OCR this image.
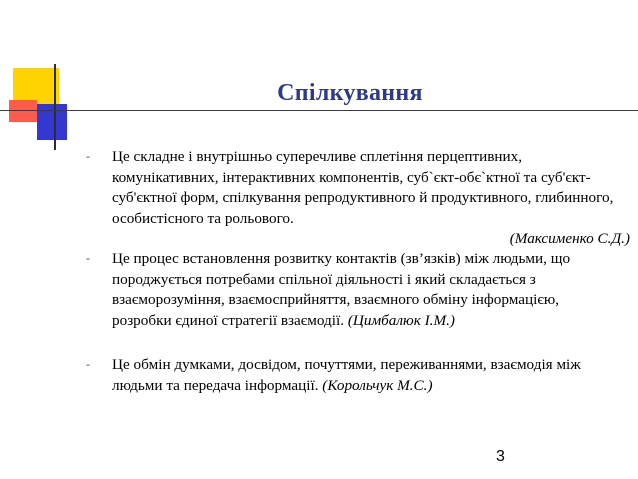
Спілкування
- Це складне і внутрішньо суперечливе сплетіння перцептивних, комунікативних, інтерактивних компонентів, суб`єкт-обє`ктної та суб'єкт-суб'єктної форм, спілкування репродуктивного й продуктивного, глибинного, особистісного та рольового.
(Максименко С.Д.)
- Це процес встановлення розвитку контактів (зв’язків) між людьми, що породжується потребами спільної діяльності і який складається з взаєморозуміння, взаємосприйняття, взаємного обміну інформацією, розробки єдиної стратегії взаємодії. (Цимбалюк І.М.)
- Це обмін думками, досвідом, почуттями, переживаннями, взаємодія між людьми та передача інформації. (Корольчук М.С.)
3
